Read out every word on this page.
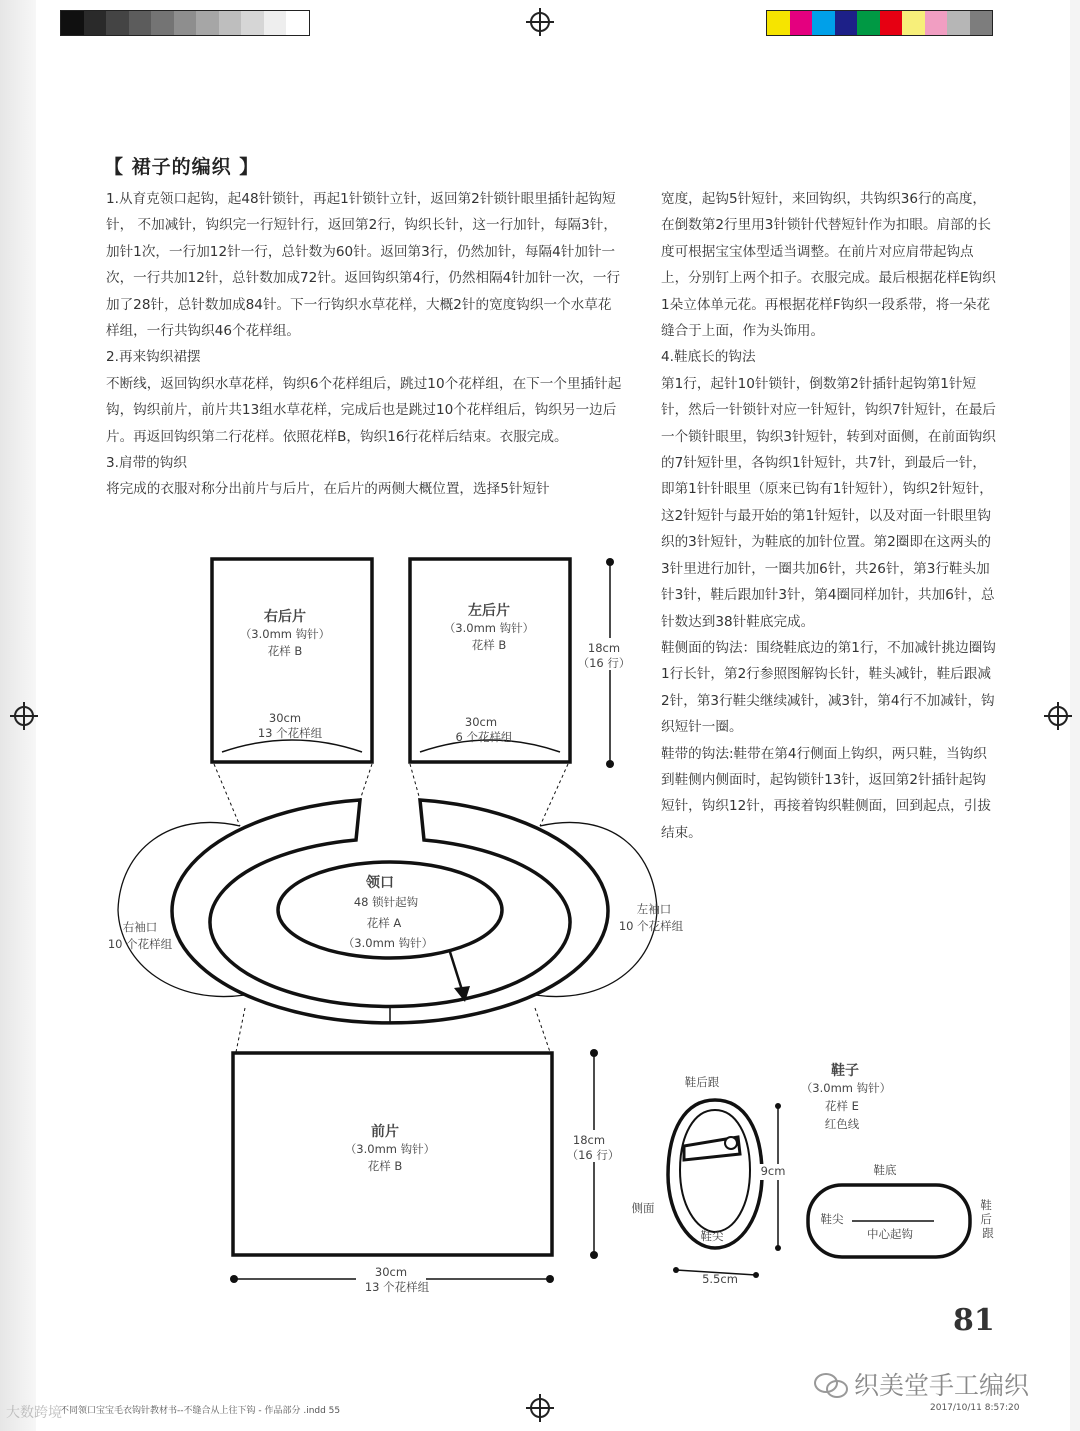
【 裙子的编织 】

1.从育克领口起钩，起48针锁针，再起1针锁针立针，返回第2针锁针眼里插针起钩短针， 不加减针，钩织完一行短针行，返回第2行，钩织长针，这一行加针，每隔3针，加针1次，一行加12针一行，总针数为60针。返回第3行，仍然加针，每隔4针加针一次，一行共加12针，总针数加成72针。返回钩织第4行，仍然相隔4针加针一次，一行加了28针，总针数加成84针。下一行钩织水草花样，大概2针的宽度钩织一个水草花样组，一行共钩织46个花样组。

2.再来钩织裙摆

不断线，返回钩织水草花样，钩织6个花样组后，跳过10个花样组，在下一个里插针起钩，钩织前片，前片共13组水草花样，完成后也是跳过10个花样组后，钩织另一边后片。再返回钩织第二行花样。依照花样B，钩织16行花样后结束。衣服完成。

3.肩带的钩织

将完成的衣服对称分出前片与后片，在后片的两侧大概位置，选择5针短针

宽度，起钩5针短针，来回钩织，共钩织36行的高度，在倒数第2行里用3针锁针代替短针作为扣眼。肩部的长度可根据宝宝体型适当调整。在前片对应肩带起钩点上，分别钉上两个扣子。衣服完成。最后根据花样E钩织1朵立体单元花。再根据花样F钩织一段系带，将一朵花缝合于上面，作为头饰用。

4.鞋底长的钩法

第1行，起针10针锁针，倒数第2针插针起钩第1针短针，然后一针锁针对应一针短针，钩织7针短针，在最后一个锁针眼里，钩织3针短针，转到对面侧，在前面钩织的7针短针里，各钩织1针短针，共7针，到最后一针，即第1针针眼里（原来已钩有1针短针），钩织2针短针，这2针短针与最开始的第1针短针，以及对面一针眼里钩织的3针短针，为鞋底的加针位置。第2圈即在这两头的3针里进行加针，一圈共加6针，共26针，第3行鞋头加针3针，鞋后跟加针3针，第4圈同样加针，共加6针，总针数达到38针鞋底完成。

鞋侧面的钩法：围绕鞋底边的第1行，不加减针挑边圈钩1行长针，第2行参照图解钩长针，鞋头减针，鞋后跟减2针，第3行鞋尖继续减针，减3针，第4行不加减针，钩织短针一圈。

鞋带的钩法:鞋带在第4行侧面上钩织，两只鞋，当钩织到鞋侧内侧面时，起钩锁针13针，返回第2针插针起钩短针，钩织12针，再接着钩织鞋侧面，回到起点，引拔结束。

右后片
（3.0mm 钩针）
花样 B
30cm
13 个花样组
左后片
（3.0mm 钩针）
花样 B
30cm
6 个花样组
18cm
（16 行）
领口
48 锁针起钩
花样 A
（3.0mm 钩针）
右袖口
10 个花样组
左袖口
10 个花样组
前片
（3.0mm 钩针）
花样 B
18cm
（16 行）
30cm
13 个花样组
9cm
5.5cm
鞋后跟
侧面
鞋尖
鞋子
（3.0mm 钩针）
花样 E
红色线
鞋底
鞋尖
中心起钩
鞋 后 跟
81
织美堂手工编织
不同领口宝宝毛衣钩针教材书--不缝合从上往下钩 - 作品部分 .indd 55	2017/10/11 8:57:20
大数跨境
